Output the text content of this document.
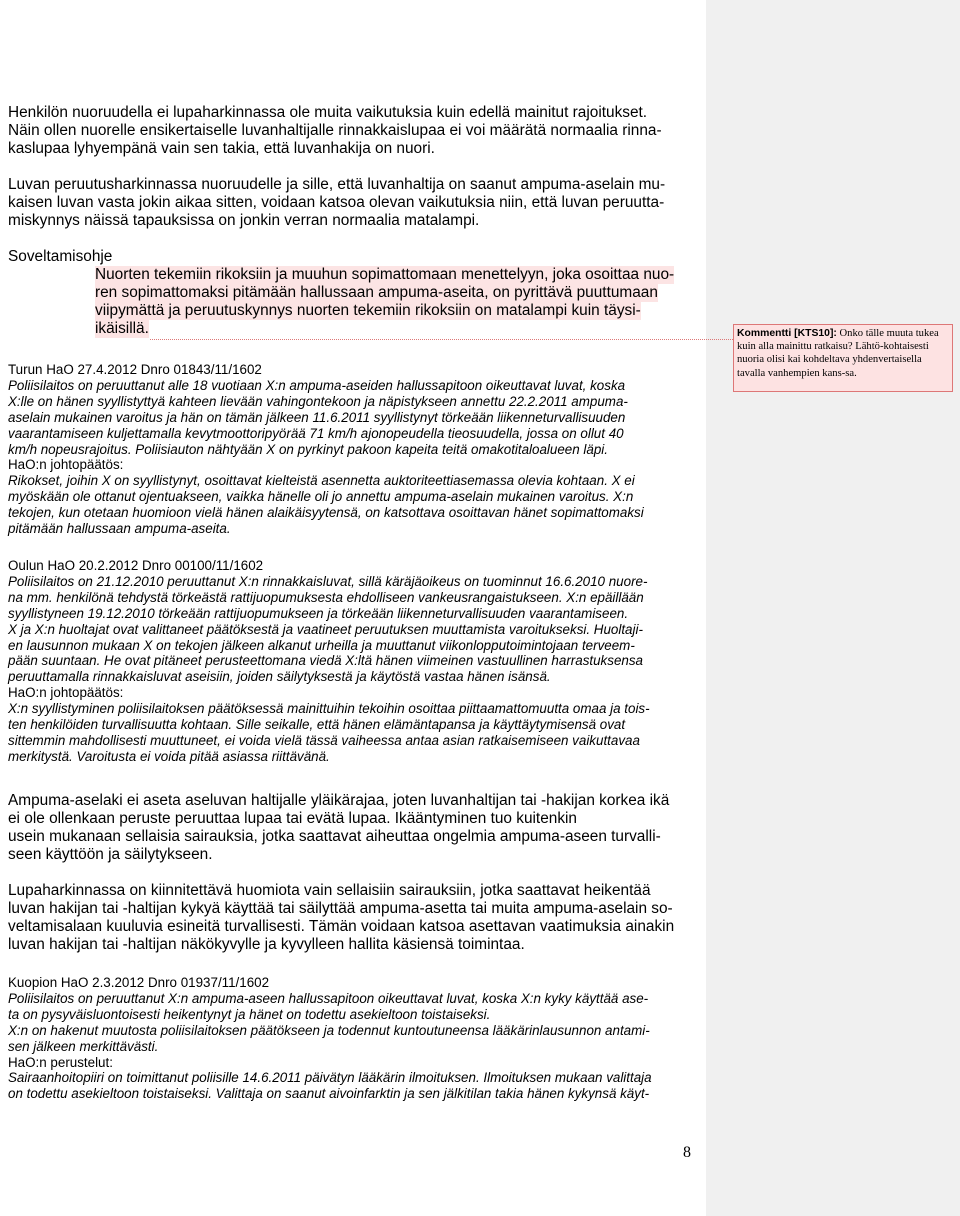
Henkilön nuoruudella ei lupaharkinnassa ole muita vaikutuksia kuin edellä mainitut rajoitukset.
Näin ollen nuorelle ensikertaiselle luvanhaltijalle rinnakkaislupaa ei voi määrätä normaalia rinna-
kaslupaa lyhyempänä vain sen takia, että luvanhakija on nuori.

Luvan peruutusharkinnassa nuoruudelle ja sille, että luvanhaltija on saanut ampuma-aselain mu-
kaisen luvan vasta jokin aikaa sitten, voidaan katsoa olevan vaikutuksia niin, että luvan peruutta-
miskynnys näissä tapauksissa on jonkin verran normaalia matalampi.

Soveltamisohje
Nuorten tekemiin rikoksiin ja muuhun sopimattomaan menettelyyn, joka osoittaa nuo-
ren sopimattomaksi pitämään hallussaan ampuma-aseita, on pyrittävä puuttumaan
viipymättä ja peruutuskynnys nuorten tekemiin rikoksiin on matalampi kuin täysi-
ikäisillä.
Turun HaO 27.4.2012 Dnro 01843/11/1602
Poliisilaitos on peruuttanut alle 18 vuotiaan X:n ampuma-aseiden hallussapitoon oikeuttavat luvat, koska
X:lle on hänen syyllistyttyä kahteen lievään vahingontekoon ja näpistykseen annettu 22.2.2011 ampuma-
aselain mukainen varoitus ja hän on tämän jälkeen 11.6.2011 syyllistynyt törkeään liikenneturvallisuuden
vaarantamiseen kuljettamalla kevytmoottoripyörää 71 km/h ajonopeudella tieosuudella, jossa on ollut 40
km/h nopeusrajoitus. Poliisiauton nähtyään X on pyrkinyt pakoon kapeita teitä omakotitaloalueen läpi.
HaO:n johtopäätös:
Rikokset, joihin X on syyllistynyt, osoittavat kielteistä asennetta auktoriteettiasemassa olevia kohtaan. X ei
myöskään ole ottanut ojentuakseen, vaikka hänelle oli jo annettu ampuma-aselain mukainen varoitus. X:n
tekojen, kun otetaan huomioon vielä hänen alaikäisyytensä, on katsottava osoittavan hänet sopimattomaksi
pitämään hallussaan ampuma-aseita.
Oulun HaO 20.2.2012 Dnro 00100/11/1602
Poliisilaitos on 21.12.2010 peruuttanut X:n rinnakkaisluvat, sillä käräjäoikeus on tuominnut 16.6.2010 nuore-
na mm. henkilönä tehdystä törkeästä rattijuopumuksesta ehdolliseen vankeusrangaistukseen. X:n epäillään
syyllistyneen 19.12.2010 törkeään rattijuopumukseen ja törkeään liikenneturvallisuuden vaarantamiseen.
X ja X:n huoltajat ovat valittaneet päätöksestä ja vaatineet peruutuksen muuttamista varoitukseksi. Huoltaji-
en lausunnon mukaan X on tekojen jälkeen alkanut urheilla ja muuttanut viikonlopputoimintojaan terveem-
pään suuntaan. He ovat pitäneet perusteettomana viedä X:ltä hänen viimeinen vastuullinen harrastuksensa
peruuttamalla rinnakkaisluvat aseisiin, joiden säilytyksestä ja käytöstä vastaa hänen isänsä.
HaO:n johtopäätös:
X:n syyllistyminen poliisilaitoksen päätöksessä mainittuihin tekoihin osoittaa piittaamattomuutta omaa ja tois-
ten henkilöiden turvallisuutta kohtaan. Sille seikalle, että hänen elämäntapansa ja käyttäytymisensä ovat
sittemmin mahdollisesti muuttuneet, ei voida vielä tässä vaiheessa antaa asian ratkaisemiseen vaikuttavaa
merkitystä. Varoitusta ei voida pitää asiassa riittävänä.

Ampuma-aselaki ei aseta aseluvan haltijalle yläikärajaa, joten luvanhaltijan tai -hakijan korkea ikä
ei ole ollenkaan peruste peruuttaa lupaa tai evätä lupaa. Ikääntyminen tuo kuitenkin
usein mukanaan sellaisia sairauksia, jotka saattavat aiheuttaa ongelmia ampuma-aseen turvalli-
seen käyttöön ja säilytykseen.

Lupaharkinnassa on kiinnitettävä huomiota vain sellaisiin sairauksiin, jotka saattavat heikentää
luvan hakijan tai -haltijan kykyä käyttää tai säilyttää ampuma-asetta tai muita ampuma-aselain so-
veltamisalaan kuuluvia esineitä turvallisesti. Tämän voidaan katsoa asettavan vaatimuksia ainakin
luvan hakijan tai -haltijan näkökyvylle ja kyvylleen hallita käsiensä toimintaa.

Kuopion HaO 2.3.2012 Dnro 01937/11/1602
Poliisilaitos on peruuttanut X:n ampuma-aseen hallussapitoon oikeuttavat luvat, koska X:n kyky käyttää ase-
ta on pysyväisluontoisesti heikentynyt ja hänet on todettu asekieltoon toistaiseksi.
X:n on hakenut muutosta poliisilaitoksen päätökseen ja todennut kuntoutuneensa lääkärinlausunnon antami-
sen jälkeen merkittävästi.
HaO:n perustelut:
Sairaanhoitopiiri on toimittanut poliisille 14.6.2011 päivätyn lääkärin ilmoituksen. Ilmoituksen mukaan valittaja
on todettu asekieltoon toistaiseksi. Valittaja on saanut aivoinfarktin ja sen jälkitilan takia hänen kykynsä käyt-
8
Kommentti [KTS10]: Onko tälle muuta tukea kuin alla mainittu ratkaisu? Lähtö-kohtaisesti nuoria olisi kai kohdeltava yhdenvertaisella tavalla vanhempien kans-sa.
